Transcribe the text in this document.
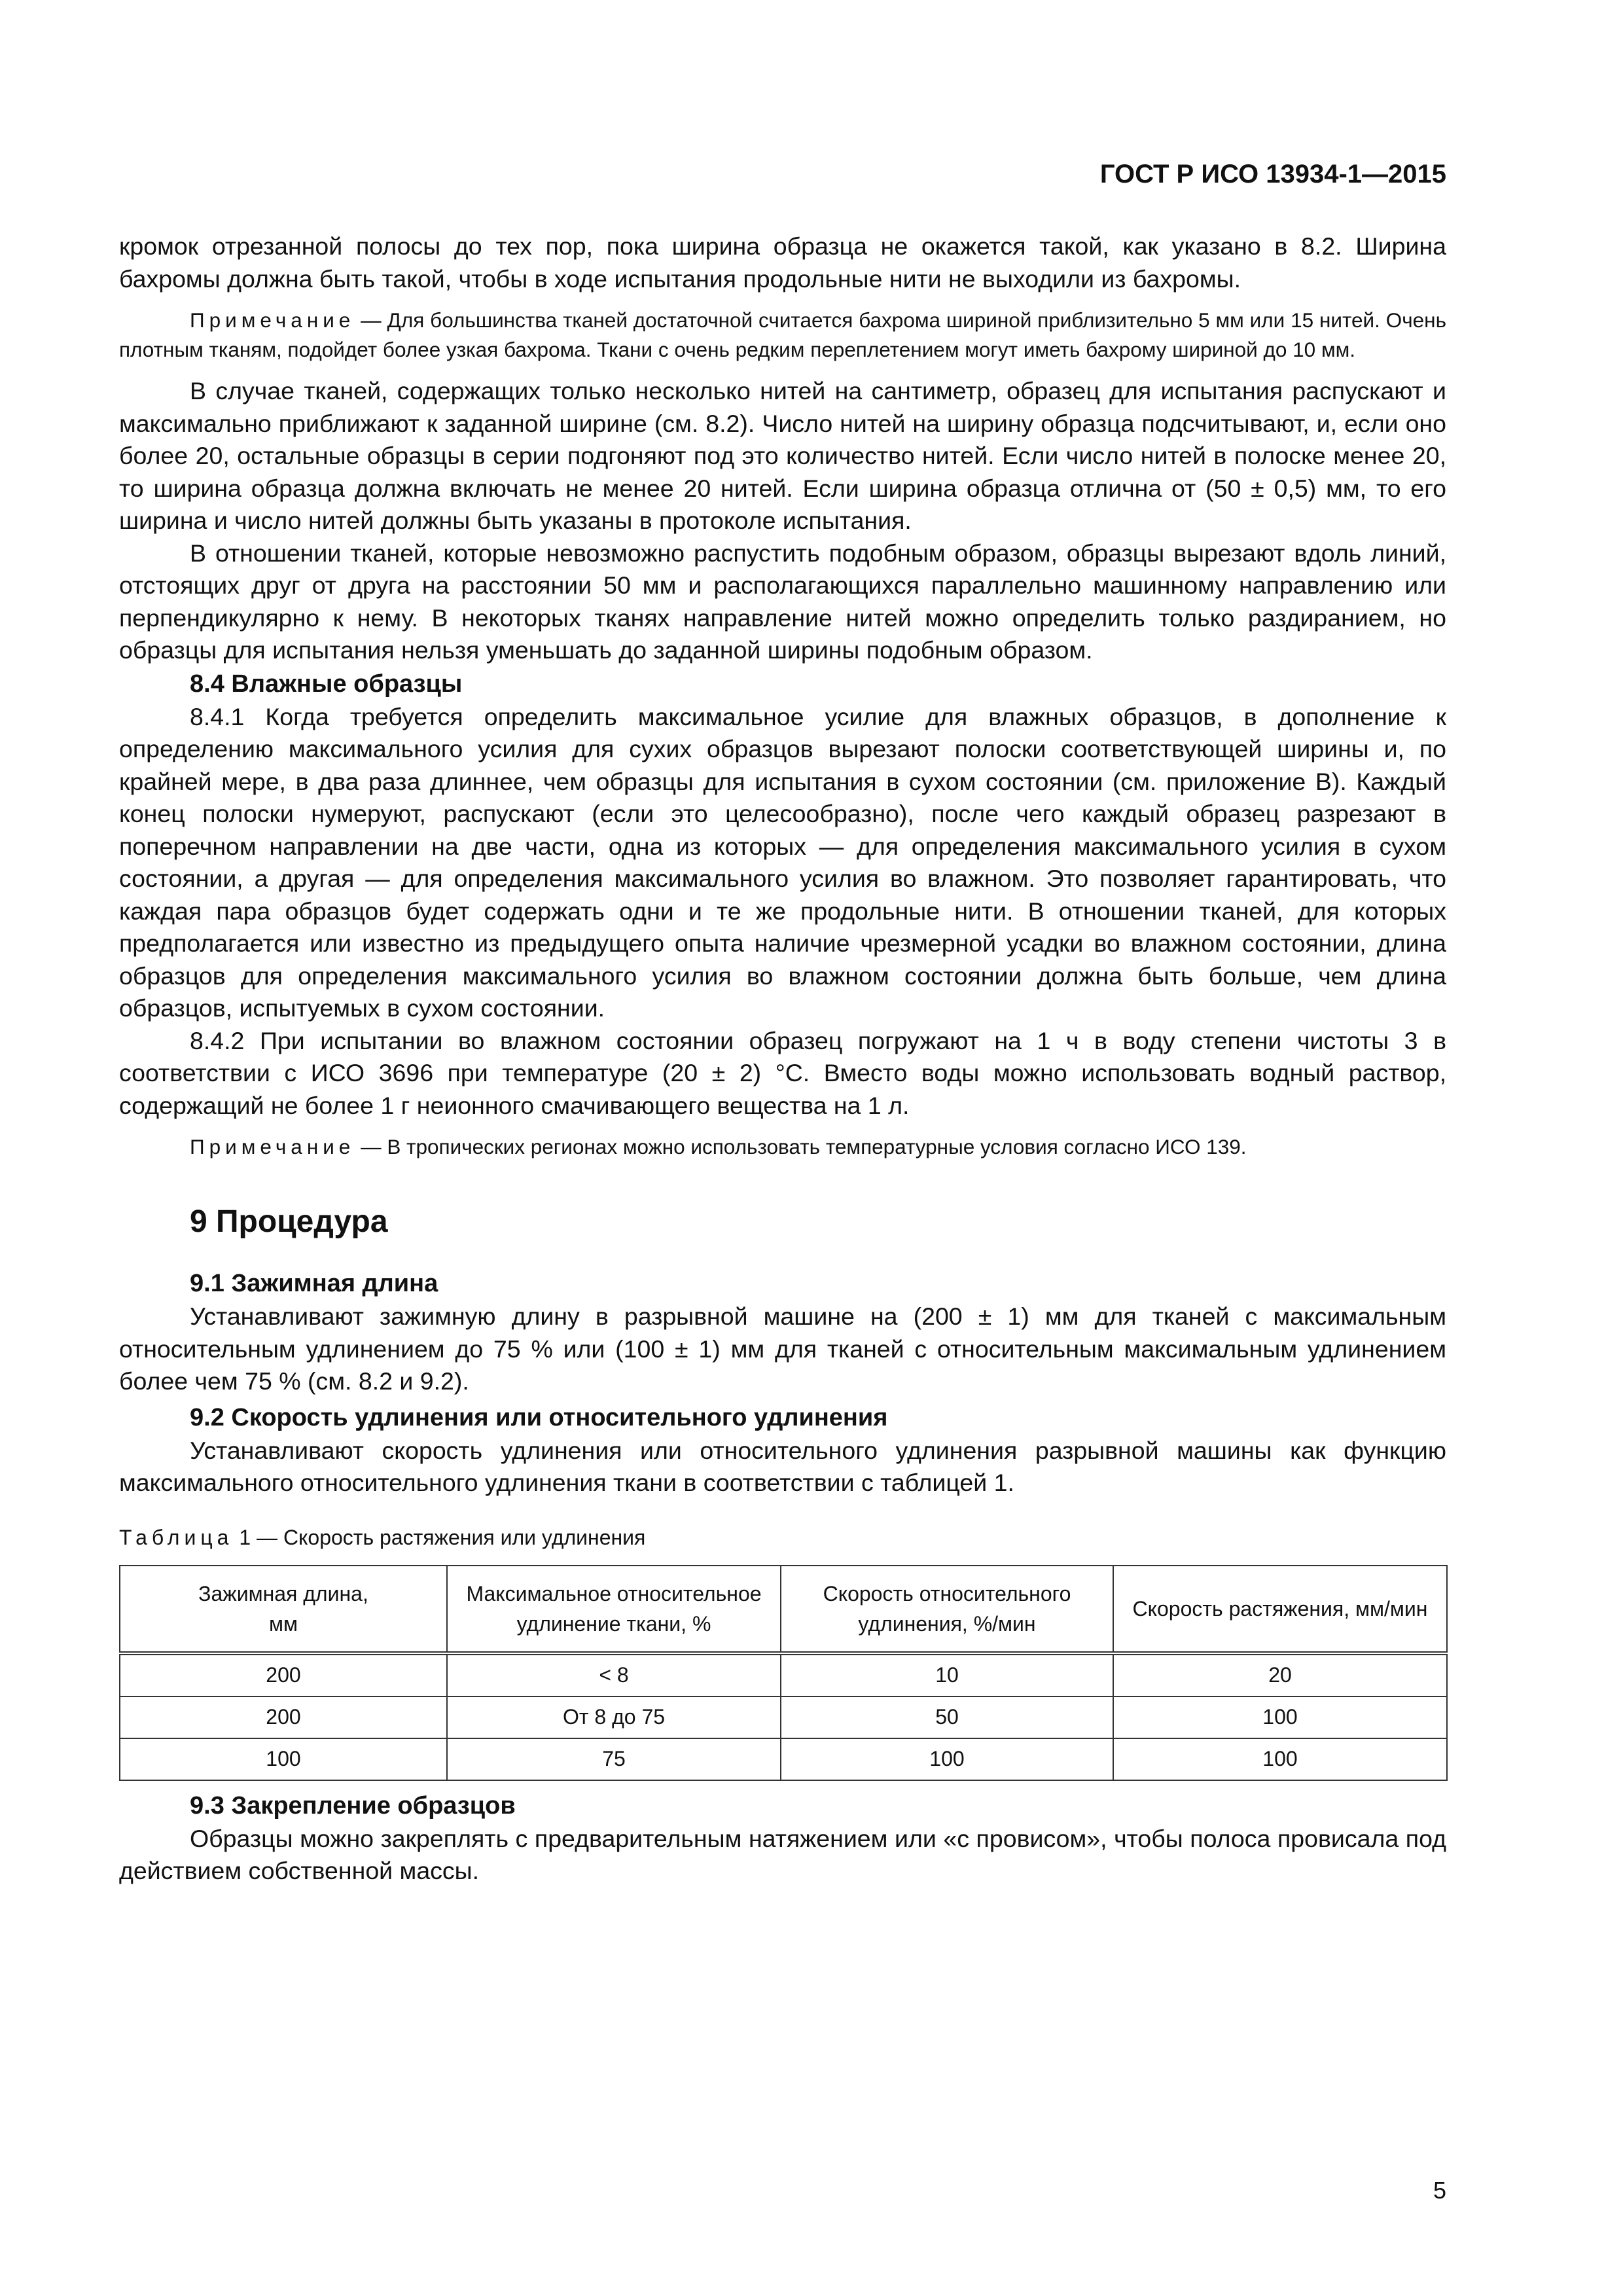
ГОСТ Р ИСО 13934-1—2015

кромок отрезанной полосы до тех пор, пока ширина образца не окажется такой, как указано в 8.2. Ширина бахромы должна быть такой, чтобы в ходе испытания продольные нити не выходили из бахромы.

Примечание — Для большинства тканей достаточной считается бахрома шириной приблизительно 5 мм или 15 нитей. Очень плотным тканям, подойдет более узкая бахрома. Ткани с очень редким переплетением могут иметь бахрому шириной до 10 мм.

В случае тканей, содержащих только несколько нитей на сантиметр, образец для испытания распускают и максимально приближают к заданной ширине (см. 8.2). Число нитей на ширину образца подсчитывают, и, если оно более 20, остальные образцы в серии подгоняют под это количество нитей. Если число нитей в полоске менее 20, то ширина образца должна включать не менее 20 нитей. Если ширина образца отлична от (50 ± 0,5) мм, то его ширина и число нитей должны быть указаны в протоколе испытания.

В отношении тканей, которые невозможно распустить подобным образом, образцы вырезают вдоль линий, отстоящих друг от друга на расстоянии 50 мм и располагающихся параллельно машинному направлению или перпендикулярно к нему. В некоторых тканях направление нитей можно определить только раздиранием, но образцы для испытания нельзя уменьшать до заданной ширины подобным образом.

8.4 Влажные образцы

8.4.1 Когда требуется определить максимальное усилие для влажных образцов, в дополнение к определению максимального усилия для сухих образцов вырезают полоски соответствующей ширины и, по крайней мере, в два раза длиннее, чем образцы для испытания в сухом состоянии (см. приложение В). Каждый конец полоски нумеруют, распускают (если это целесообразно), после чего каждый образец разрезают в поперечном направлении на две части, одна из которых — для определения максимального усилия в сухом состоянии, а другая — для определения максимального усилия во влажном. Это позволяет гарантировать, что каждая пара образцов будет содержать одни и те же продольные нити. В отношении тканей, для которых предполагается или известно из предыдущего опыта наличие чрезмерной усадки во влажном состоянии, длина образцов для определения максимального усилия во влажном состоянии должна быть больше, чем длина образцов, испытуемых в сухом состоянии.

8.4.2 При испытании во влажном состоянии образец погружают на 1 ч в воду степени чистоты 3 в соответствии с ИСО 3696 при температуре (20 ± 2) °С. Вместо воды можно использовать водный раствор, содержащий не более 1 г неионного смачивающего вещества на 1 л.

Примечание — В тропических регионах можно использовать температурные условия согласно ИСО 139.

9 Процедура
9.1 Зажимная длина

Устанавливают зажимную длину в разрывной машине на (200 ± 1) мм для тканей с максимальным относительным удлинением до 75 % или (100 ± 1) мм для тканей с относительным максимальным удлинением более чем 75 % (см. 8.2 и 9.2).

9.2 Скорость удлинения или относительного удлинения

Устанавливают скорость удлинения или относительного удлинения разрывной машины как функцию максимального относительного удлинения ткани в соответствии с таблицей 1.

Таблица 1 — Скорость растяжения или удлинения
Зажимная длина, мм	Максимальное относительное удлинение ткани, %	Скорость относительного удлинения, %/мин	Скорость растяжения, мм/мин
200	< 8	10	20
200	От 8 до 75	50	100
100	75	100	100
9.3 Закрепление образцов

Образцы можно закреплять с предварительным натяжением или «с провисом», чтобы полоса провисала под действием собственной массы.

5
